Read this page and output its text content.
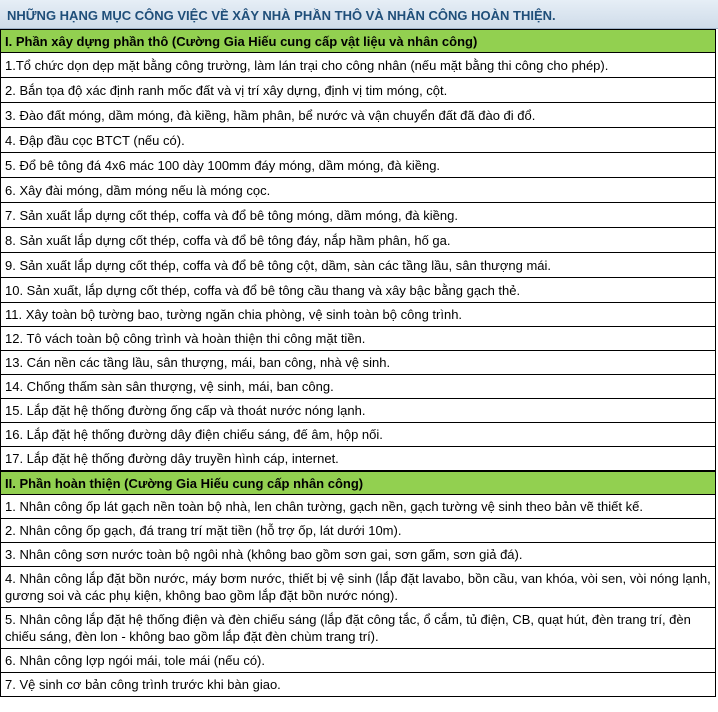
NHỮNG HẠNG MỤC CÔNG VIỆC VỀ XÂY NHÀ PHẦN THÔ VÀ NHÂN CÔNG HOÀN THIỆN.
I. Phần xây dựng phần thô (Cường Gia Hiếu cung cấp vật liệu và nhân công)
1.Tổ chức dọn dẹp mặt bằng công trường, làm lán trại cho công nhân (nếu mặt bằng thi công cho phép).
2. Bắn tọa độ xác định ranh mốc đất và vị trí xây dựng, định vị tim móng, cột.
3. Đào đất móng, dầm móng, đà kiềng, hầm phân, bể nước và vận chuyển đất đã đào đi đổ.
4. Đập đầu cọc BTCT (nếu có).
5. Đổ bê tông đá 4x6 mác 100 dày 100mm đáy móng, dầm móng, đà kiềng.
6. Xây đài móng, dầm móng nếu là móng cọc.
7. Sản xuất lắp dựng cốt thép, coffa và đổ bê tông móng, dầm móng, đà kiềng.
8. Sản xuất lắp dựng cốt thép, coffa và đổ bê tông đáy, nắp hầm phân, hố ga.
9. Sản xuất lắp dựng cốt thép, coffa và đổ bê tông cột, dầm, sàn các tầng lầu, sân thượng mái.
10. Sản xuất, lắp dựng cốt thép, coffa và đổ bê tông cầu thang và xây bậc bằng gạch thẻ.
11. Xây toàn bộ tường bao, tường ngăn chia phòng, vệ sinh toàn bộ công trình.
12. Tô vách toàn bộ công trình và hoàn thiện thi công mặt tiền.
13. Cán nền các tầng lầu, sân thượng, mái, ban công, nhà vệ sinh.
14. Chống thấm sàn sân thượng, vệ sinh, mái, ban công.
15. Lắp đặt hệ thống đường ống cấp và thoát nước nóng lạnh.
16. Lắp đặt hệ thống đường dây điện chiếu sáng, đế âm, hộp nối.
17. Lắp đặt hệ thống đường dây truyền hình cáp, internet.
II. Phần hoàn thiện (Cường Gia Hiếu cung cấp nhân công)
1. Nhân công ốp lát gạch nền toàn bộ nhà, len chân tường, gạch nền, gạch tường vệ sinh theo bản vẽ thiết kế.
2. Nhân công ốp gạch, đá trang trí mặt tiền (hỗ trợ ốp, lát dưới 10m).
3. Nhân công sơn nước toàn bộ ngôi nhà (không bao gồm sơn gai, sơn gấm, sơn giả đá).
4. Nhân công lắp đặt bồn nước, máy bơm nước, thiết bị vệ sinh (lắp đặt lavabo, bồn cầu, van khóa, vòi sen, vòi nóng lạnh, gương soi và các phụ kiện, không bao gồm lắp đặt bồn nước nóng).
5. Nhân công lắp đặt hệ thống điện và đèn chiếu sáng (lắp đặt công tắc, ổ cắm, tủ điện, CB, quạt hút, đèn trang trí, đèn chiếu sáng, đèn lon - không bao gồm lắp đặt đèn chùm trang trí).
6. Nhân công lợp ngói mái, tole mái (nếu có).
7. Vệ sinh cơ bản công trình trước khi bàn giao.
